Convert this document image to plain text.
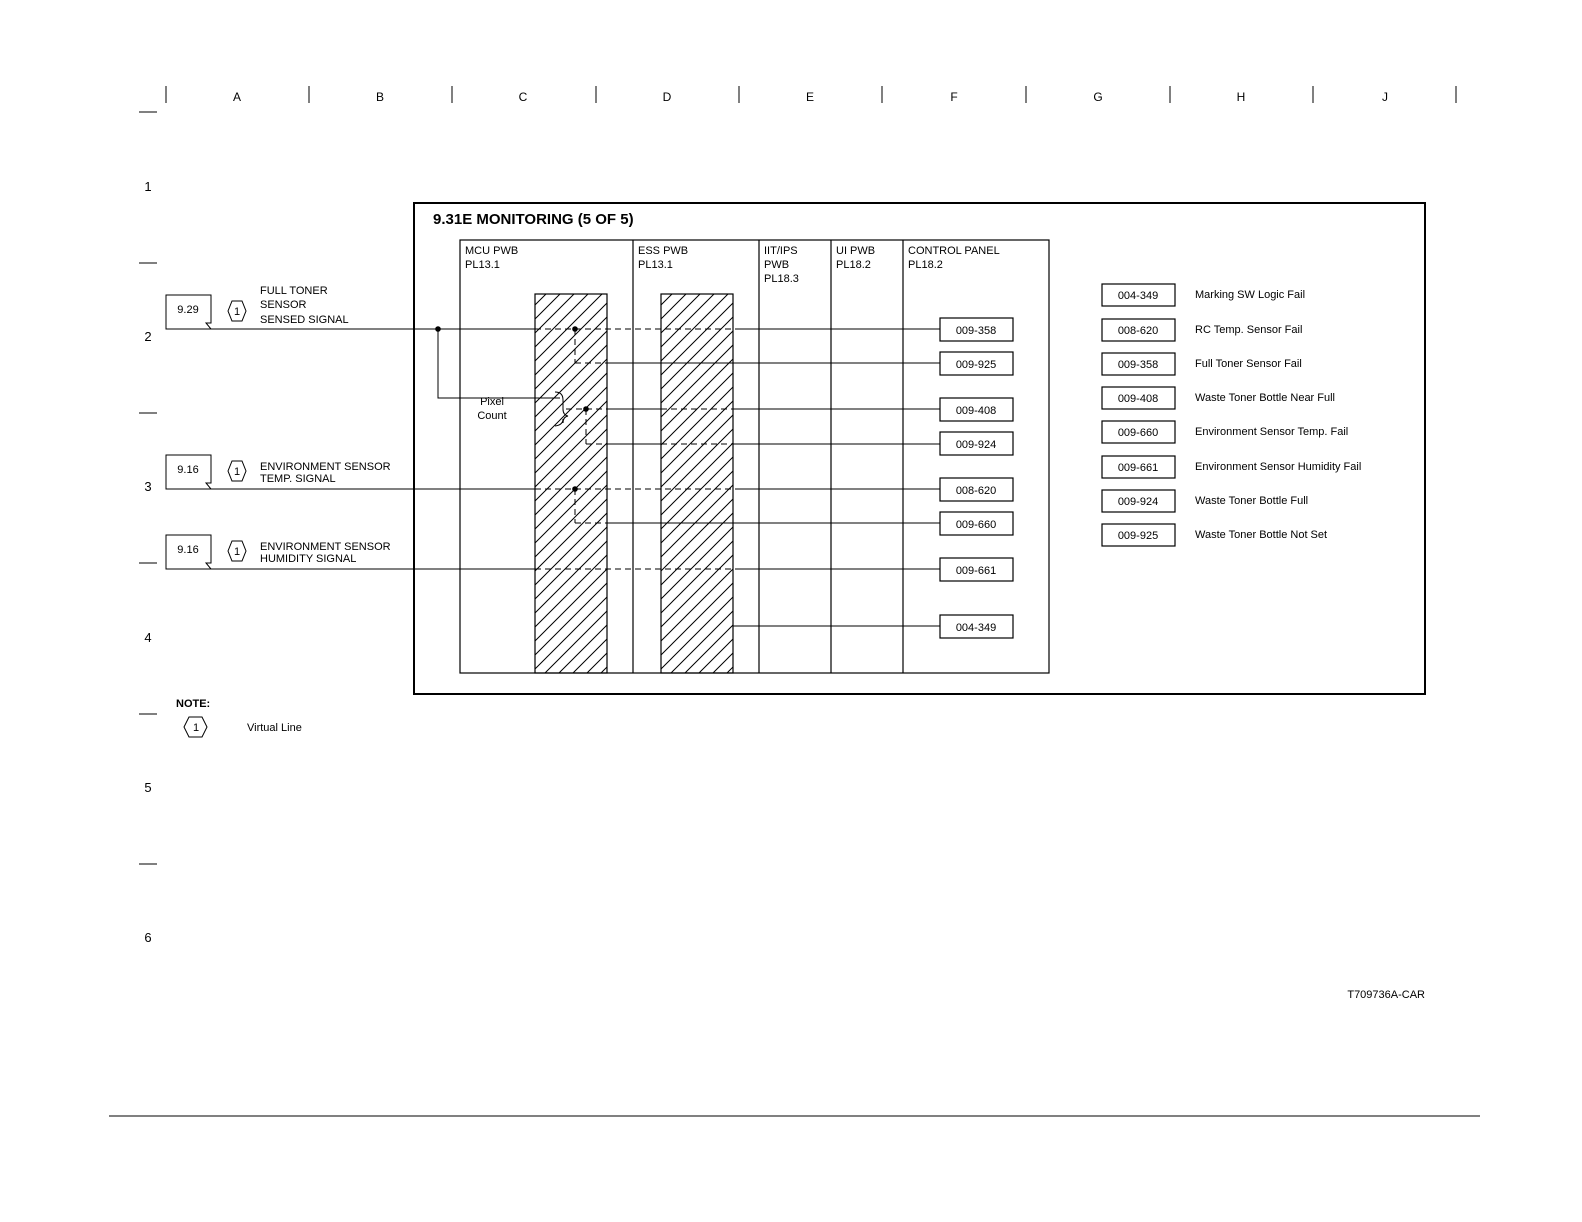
A	B	C	D	E	F	G	H	J
1
2
3
4
5
6
9.31E MONITORING (5 OF 5)
MCU PWB
PL13.1
ESS PWB
PL13.1
IIT/IPS
PWB
PL18.3
UI PWB
PL18.2
CONTROL PANEL
PL18.2
Pixel
Count
009-358
009-925
009-408
009-924
008-620
009-660
009-661
004-349
9.29	1
FULL TONER
SENSOR
SENSED SIGNAL
9.16	1 ENVIRONMENT SENSOR
TEMP. SIGNAL
9.16	1 ENVIRONMENT SENSOR
HUMIDITY SIGNAL
004-349	Marking SW Logic Fail
008-620	RC Temp. Sensor Fail
009-358	Full Toner Sensor Fail
009-408	Waste Toner Bottle Near Full
009-660	Environment Sensor Temp. Fail
009-661	Environment Sensor Humidity Fail
009-924	Waste Toner Bottle Full
009-925	Waste Toner Bottle Not Set
NOTE:
1	Virtual Line
T709736A-CAR
